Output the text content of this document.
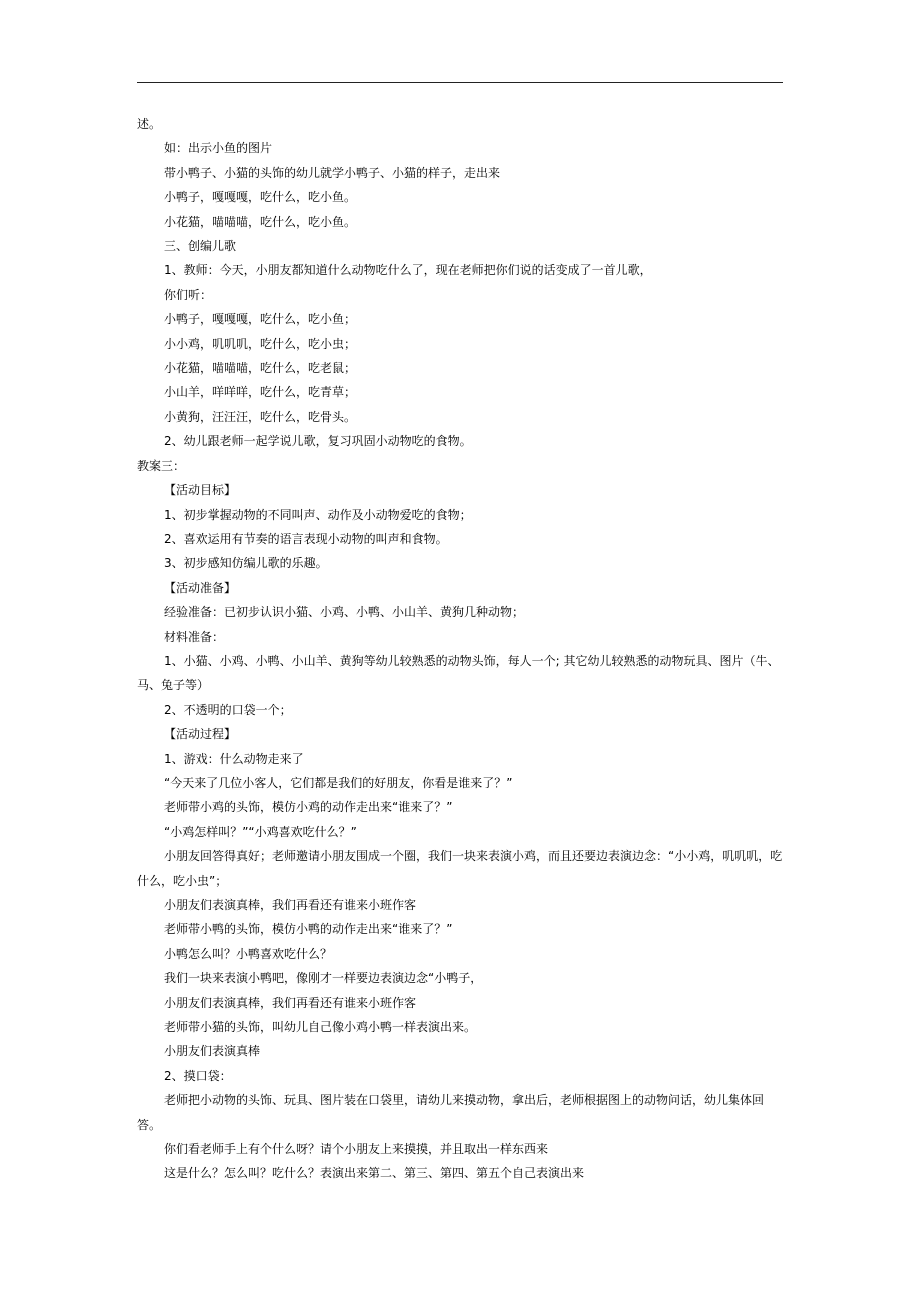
述。

如：出示小鱼的图片

带小鸭子、小猫的头饰的幼儿就学小鸭子、小猫的样子，走出来

小鸭子，嘎嘎嘎，吃什么，吃小鱼。

小花猫，喵喵喵，吃什么，吃小鱼。

三、创编儿歌

1、教师：今天，小朋友都知道什么动物吃什么了，现在老师把你们说的话变成了一首儿歌，

你们听：

小鸭子，嘎嘎嘎，吃什么，吃小鱼；

小小鸡，叽叽叽，吃什么，吃小虫；

小花猫，喵喵喵，吃什么，吃老鼠；

小山羊，咩咩咩，吃什么，吃青草；

小黄狗，汪汪汪，吃什么，吃骨头。

2、幼儿跟老师一起学说儿歌，复习巩固小动物吃的食物。

教案三：

【活动目标】

1、初步掌握动物的不同叫声、动作及小动物爱吃的食物；

2、喜欢运用有节奏的语言表现小动物的叫声和食物。

3、初步感知仿编儿歌的乐趣。

【活动准备】

经验准备：已初步认识小猫、小鸡、小鸭、小山羊、黄狗几种动物；

材料准备：

1、小猫、小鸡、小鸭、小山羊、黄狗等幼儿较熟悉的动物头饰，每人一个; 其它幼儿较熟悉的动物玩具、图片（牛、马、兔子等）

2、不透明的口袋一个；

【活动过程】

1、游戏：什么动物走来了

“今天来了几位小客人，它们都是我们的好朋友，你看是谁来了？”

老师带小鸡的头饰，模仿小鸡的动作走出来“谁来了？”

“小鸡怎样叫？”“小鸡喜欢吃什么？”

小朋友回答得真好；老师邀请小朋友围成一个圈，我们一块来表演小鸡，而且还要边表演边念：“小小鸡，叽叽叽，吃什么，吃小虫”；

小朋友们表演真棒，我们再看还有谁来小班作客

老师带小鸭的头饰，模仿小鸭的动作走出来“谁来了？”

小鸭怎么叫？小鸭喜欢吃什么？

我们一块来表演小鸭吧，像刚才一样要边表演边念“小鸭子，

小朋友们表演真棒，我们再看还有谁来小班作客

老师带小猫的头饰，叫幼儿自己像小鸡小鸭一样表演出来。

小朋友们表演真棒

2、摸口袋：

老师把小动物的头饰、玩具、图片装在口袋里，请幼儿来摸动物，拿出后，老师根据图上的动物问话，幼儿集体回答。

你们看老师手上有个什么呀？请个小朋友上来摸摸，并且取出一样东西来

这是什么？怎么叫？吃什么？表演出来第二、第三、第四、第五个自己表演出来
